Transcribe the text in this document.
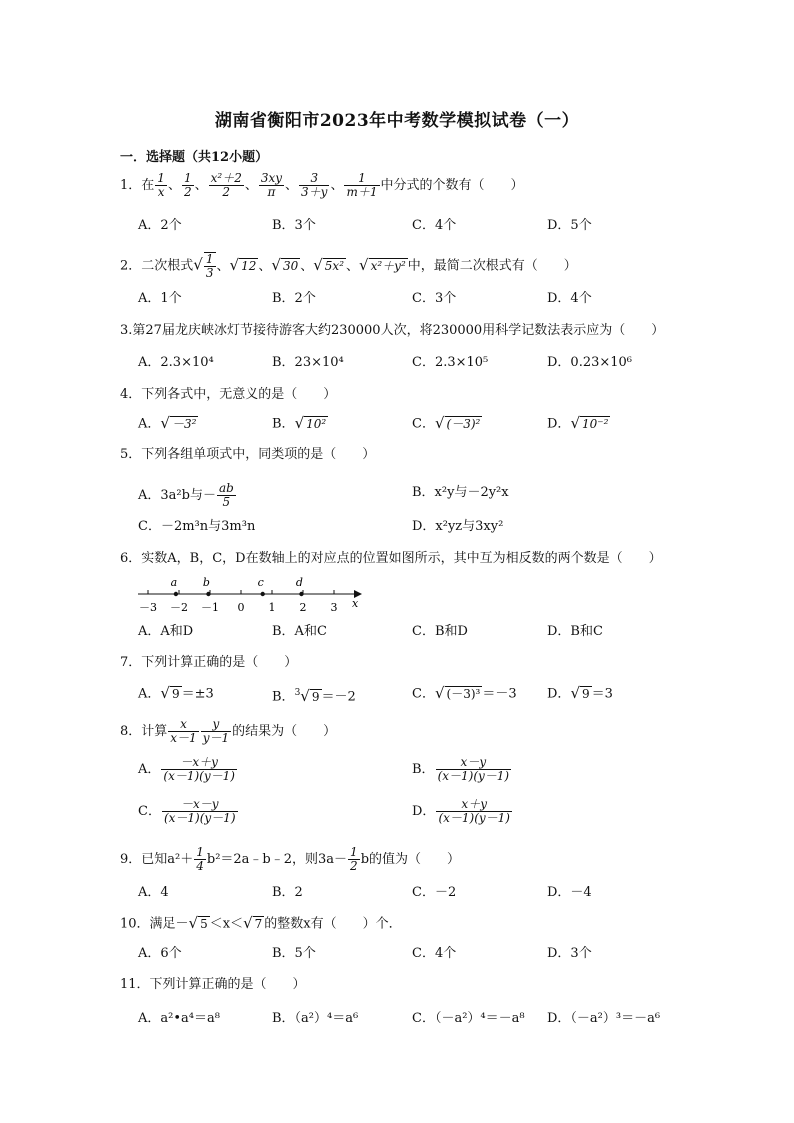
湖南省衡阳市2023年中考数学模拟试卷（一）
一．选择题（共12小题）
1．在 $\frac{1}{x}$ 、 $\frac{1}{2}$ 、 $\frac{\text{x²＋2}}{2}$ 、 $\frac{3xy}{\pi}$ 、 $\frac{3}{3+y}$ 、 $\frac{1}{m+1}$ 中分式的个数有（　　）
A．2个	B．3个	C．4个	D．5个
2．二次根式√ $\frac{1}{3}$ 、√ 12 、√ 30 、√ 5x² 、√ x²＋y² 中，最简二次根式有（　　）
A．1个	B．2个	C．3个	D．4个
3.第27届龙庆峡冰灯节接待游客大约230000人次，将230000用科学记数法表示应为（　　）
A．2.3×10⁴	B．23×10⁴	C．2.3×10⁵	D．0.23×10⁶
4．下列各式中，无意义的是（　　）
A．√ －3²	B．√ 10²	C．√ (－3)²	D．√ 10⁻²
5．下列各组单项式中，同类项的是（　　）
A．3a²b与－ $\frac{ab}{5}$	B．x²y与－2y²x
C．－2m³n与3m³n	D．x²yz与3xy²
6．实数A，B，C，D在数轴上的对应点的位置如图所示，其中互为相反数的两个数是（　　）
x
－3 －2 －1 0 1 2 3
a b	c	d
A．A和D	B．A和C	C．B和D	D．B和C
7．下列计算正确的是（　　）
A．√ 9 ＝±3	B．$^3$√ 9 ＝－2	C．√ (－3)³ ＝－3 D．√ 9 ＝3
8．计算 $\frac{x}{x-1} \frac{y}{y-1}$ 的结果为（　　）
A． $\frac{-x+y}{(x-1)(y-1)}$	B． $\frac{x-y}{(x-1)(y-1)}$
C． $\frac{-x-y}{(x-1)(y-1)}$	D． $\frac{x+y}{(x-1)(y-1)}$
9．已知$a^2+ \frac{1}{4}$ b²＝2a﹣b﹣2，则$3a- \frac{1}{2}$ b的值为（　　）
A．4	B．2	C．－2	D．－4
10．满足－√ 5 ＜x＜√ 7 的整数x有（　　）个．
A．6个	B．5个	C．4个	D．3个
11．下列计算正确的是（　　）
A．a²•a⁴＝a⁸	B．（a²）⁴＝a⁶	C．（－a²）⁴＝－a⁸ D．（－a²）³＝－a⁶
